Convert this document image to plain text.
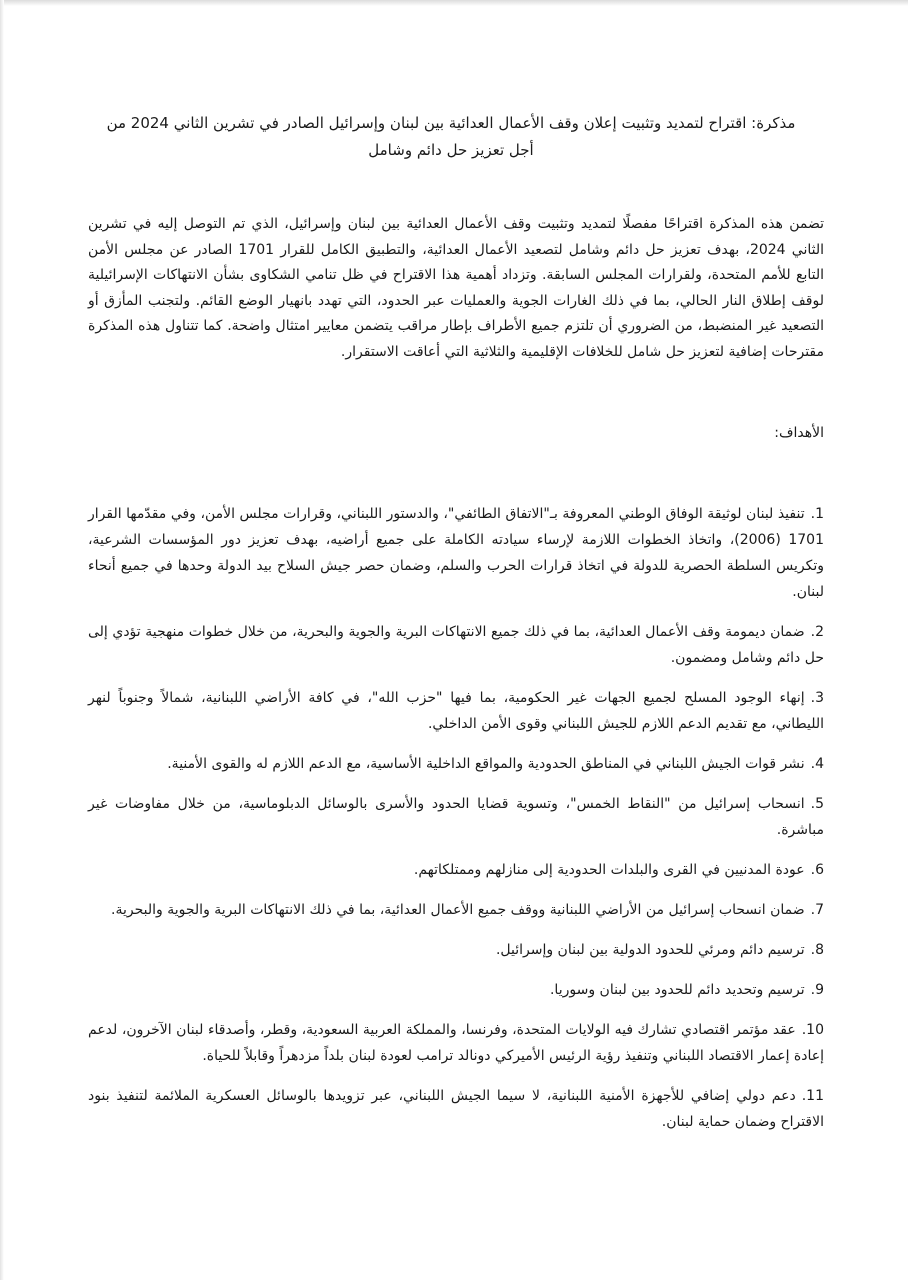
مذكرة: اقتراح لتمديد وتثبيت إعلان وقف الأعمال العدائية بين لبنان وإسرائيل الصادر في تشرين الثاني 2024 من أجل تعزيز حل دائم وشامل

تضمن هذه المذكرة اقتراحًا مفصلًا لتمديد وتثبيت وقف الأعمال العدائية بين لبنان وإسرائيل، الذي تم التوصل إليه في تشرين الثاني 2024، بهدف تعزيز حل دائم وشامل لتصعيد الأعمال العدائية، والتطبيق الكامل للقرار 1701 الصادر عن مجلس الأمن التابع للأمم المتحدة، ولقرارات المجلس السابقة. وتزداد أهمية هذا الاقتراح في ظل تنامي الشكاوى بشأن الانتهاكات الإسرائيلية لوقف إطلاق النار الحالي، بما في ذلك الغارات الجوية والعمليات عبر الحدود، التي تهدد بانهيار الوضع القائم. ولتجنب المأزق أو التصعيد غير المنضبط، من الضروري أن تلتزم جميع الأطراف بإطار مراقب يتضمن معايير امتثال واضحة. كما تتناول هذه المذكرة مقترحات إضافية لتعزيز حل شامل للخلافات الإقليمية والثلاثية التي أعاقت الاستقرار.

الأهداف:
1.تنفيذ لبنان لوثيقة الوفاق الوطني المعروفة بـ"الاتفاق الطائفي"، والدستور اللبناني، وقرارات مجلس الأمن، وفي مقدّمها القرار 1701 (2006)، واتخاذ الخطوات اللازمة لإرساء سيادته الكاملة على جميع أراضيه، بهدف تعزيز دور المؤسسات الشرعية، وتكريس السلطة الحصرية للدولة في اتخاذ قرارات الحرب والسلم، وضمان حصر جيش السلاح بيد الدولة وحدها في جميع أنحاء لبنان.
2.ضمان ديمومة وقف الأعمال العدائية، بما في ذلك جميع الانتهاكات البرية والجوية والبحرية، من خلال خطوات منهجية تؤدي إلى حل دائم وشامل ومضمون.
3.إنهاء الوجود المسلح لجميع الجهات غير الحكومية، بما فيها "حزب الله"، في كافة الأراضي اللبنانية، شمالاً وجنوباً لنهر الليطاني، مع تقديم الدعم اللازم للجيش اللبناني وقوى الأمن الداخلي.
4.نشر قوات الجيش اللبناني في المناطق الحدودية والمواقع الداخلية الأساسية، مع الدعم اللازم له والقوى الأمنية.
5.انسحاب إسرائيل من "النقاط الخمس"، وتسوية قضايا الحدود والأسرى بالوسائل الدبلوماسية، من خلال مفاوضات غير مباشرة.
6.عودة المدنيين في القرى والبلدات الحدودية إلى منازلهم وممتلكاتهم.
7.ضمان انسحاب إسرائيل من الأراضي اللبنانية ووقف جميع الأعمال العدائية، بما في ذلك الانتهاكات البرية والجوية والبحرية.
8.ترسيم دائم ومرئي للحدود الدولية بين لبنان وإسرائيل.
9.ترسيم وتحديد دائم للحدود بين لبنان وسوريا.
10.عقد مؤتمر اقتصادي تشارك فيه الولايات المتحدة، وفرنسا، والمملكة العربية السعودية، وقطر، وأصدقاء لبنان الآخرون، لدعم إعادة إعمار الاقتصاد اللبناني وتنفيذ رؤية الرئيس الأميركي دونالد ترامب لعودة لبنان بلداً مزدهراً وقابلاً للحياة.
11.دعم دولي إضافي للأجهزة الأمنية اللبنانية، لا سيما الجيش اللبناني، عبر تزويدها بالوسائل العسكرية الملائمة لتنفيذ بنود الاقتراح وضمان حماية لبنان.
